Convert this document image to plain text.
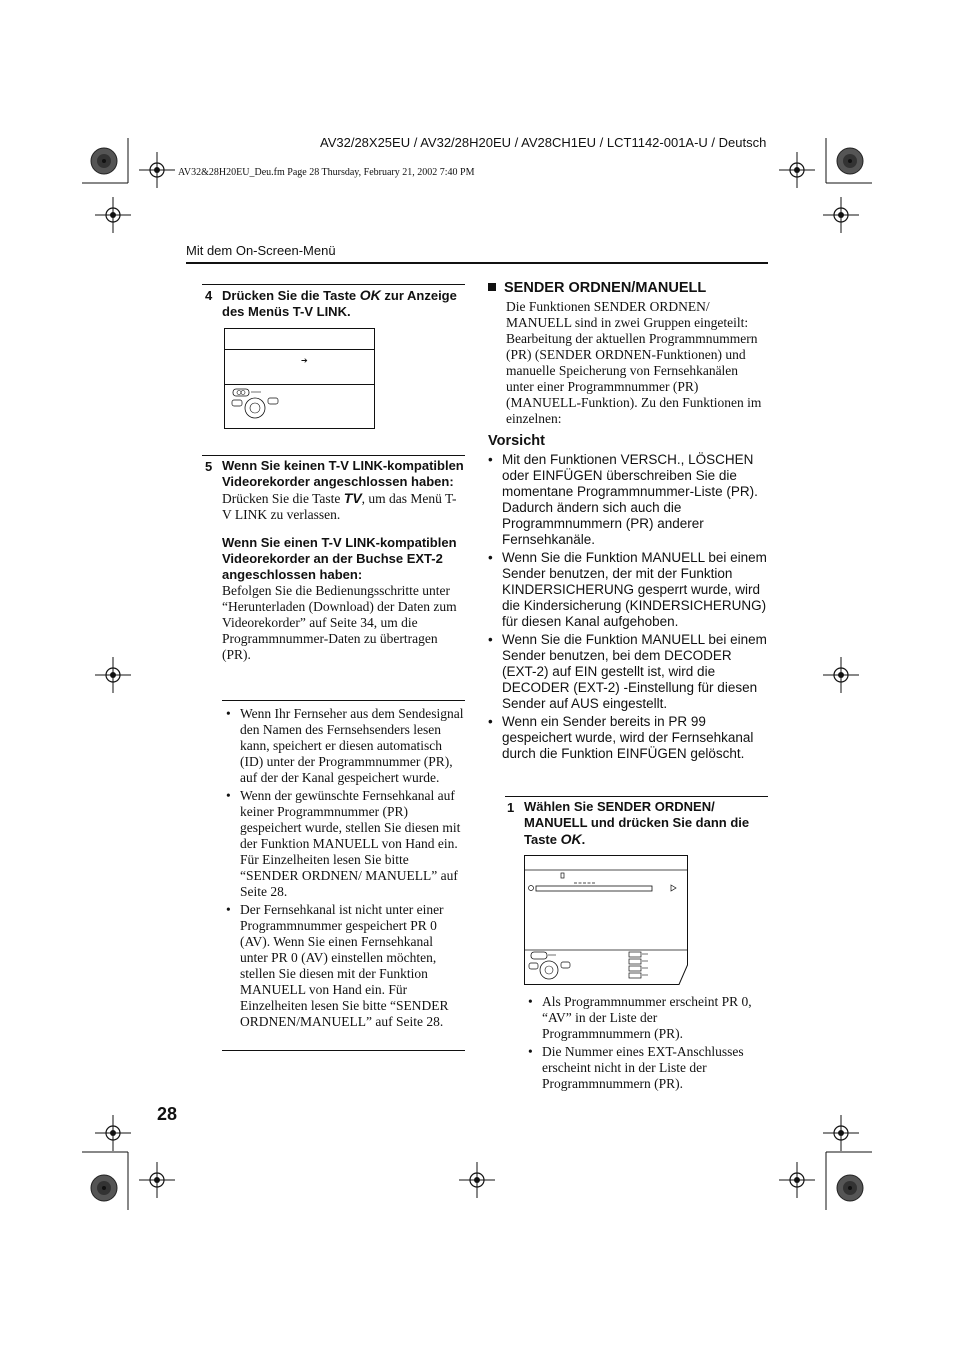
AV32/28X25EU / AV32/28H20EU / AV28CH1EU / LCT1142-001A-U / Deutsch
AV32&28H20EU_Deu.fm Page 28 Thursday, February 21, 2002 7:40 PM
Mit dem On-Screen-Menü
4 Drücken Sie die Taste OK zur Anzeige des Menüs T-V LINK.
➔
5 Wenn Sie keinen T-V LINK-kompatiblen Videorekorder angeschlossen haben:
Drücken Sie die Taste TV, um das Menü T-V LINK zu verlassen.
Wenn Sie einen T-V LINK-kompatiblen Videorekorder an der Buchse EXT-2 angeschlossen haben:
Befolgen Sie die Bedienungsschritte unter “Herunterladen (Download) der Daten zum Videorekorder” auf Seite 34, um die Programmnummer-Daten zu übertragen (PR).
• Wenn Ihr Fernseher aus dem Sendesignal den Namen des Fernsehsenders lesen kann, speichert er diesen automatisch (ID) unter der Programmnummer (PR), auf der der Kanal gespeichert wurde.
• Wenn der gewünschte Fernsehkanal auf keiner Programmnummer (PR) gespeichert wurde, stellen Sie diesen mit der Funktion MANUELL von Hand ein. Für Einzelheiten lesen Sie bitte “SENDER ORDNEN/ MANUELL” auf Seite 28.
• Der Fernsehkanal ist nicht unter einer Programmnummer gespeichert PR 0 (AV). Wenn Sie einen Fernsehkanal unter PR 0 (AV) einstellen möchten, stellen Sie diesen mit der Funktion MANUELL von Hand ein. Für Einzelheiten lesen Sie bitte “SENDER ORDNEN/MANUELL” auf Seite 28.
SENDER ORDNEN/MANUELL
Die Funktionen SENDER ORDNEN/ MANUELL sind in zwei Gruppen eingeteilt: Bearbeitung der aktuellen Programmnummern (PR) (SENDER ORDNEN-Funktionen) und manuelle Speicherung von Fernsehkanälen unter einer Programmnummer (PR) (MANUELL-Funktion). Zu den Funktionen im einzelnen:
Vorsicht
• Mit den Funktionen VERSCH., LÖSCHEN oder EINFÜGEN überschreiben Sie die momentane Programmnummer-Liste (PR). Dadurch ändern sich auch die Programmnummern (PR) anderer Fernsehkanäle.
• Wenn Sie die Funktion MANUELL bei einem Sender benutzen, der mit der Funktion KINDERSICHERUNG gesperrt wurde, wird die Kindersicherung (KINDERSICHERUNG) für diesen Kanal aufgehoben.
• Wenn Sie die Funktion MANUELL bei einem Sender benutzen, bei dem DECODER (EXT-2) auf EIN gestellt ist, wird die DECODER (EXT-2) -Einstellung für diesen Sender auf AUS eingestellt.
• Wenn ein Sender bereits in PR 99 gespeichert wurde, wird der Fernsehkanal durch die Funktion EINFÜGEN gelöscht.
1 Wählen Sie SENDER ORDNEN/ MANUELL und drücken Sie dann die Taste OK.
• Als Programmnummer erscheint PR 0, “AV” in der Liste der Programmnummern (PR).
• Die Nummer eines EXT-Anschlusses erscheint nicht in der Liste der Programmnummern (PR).
28
